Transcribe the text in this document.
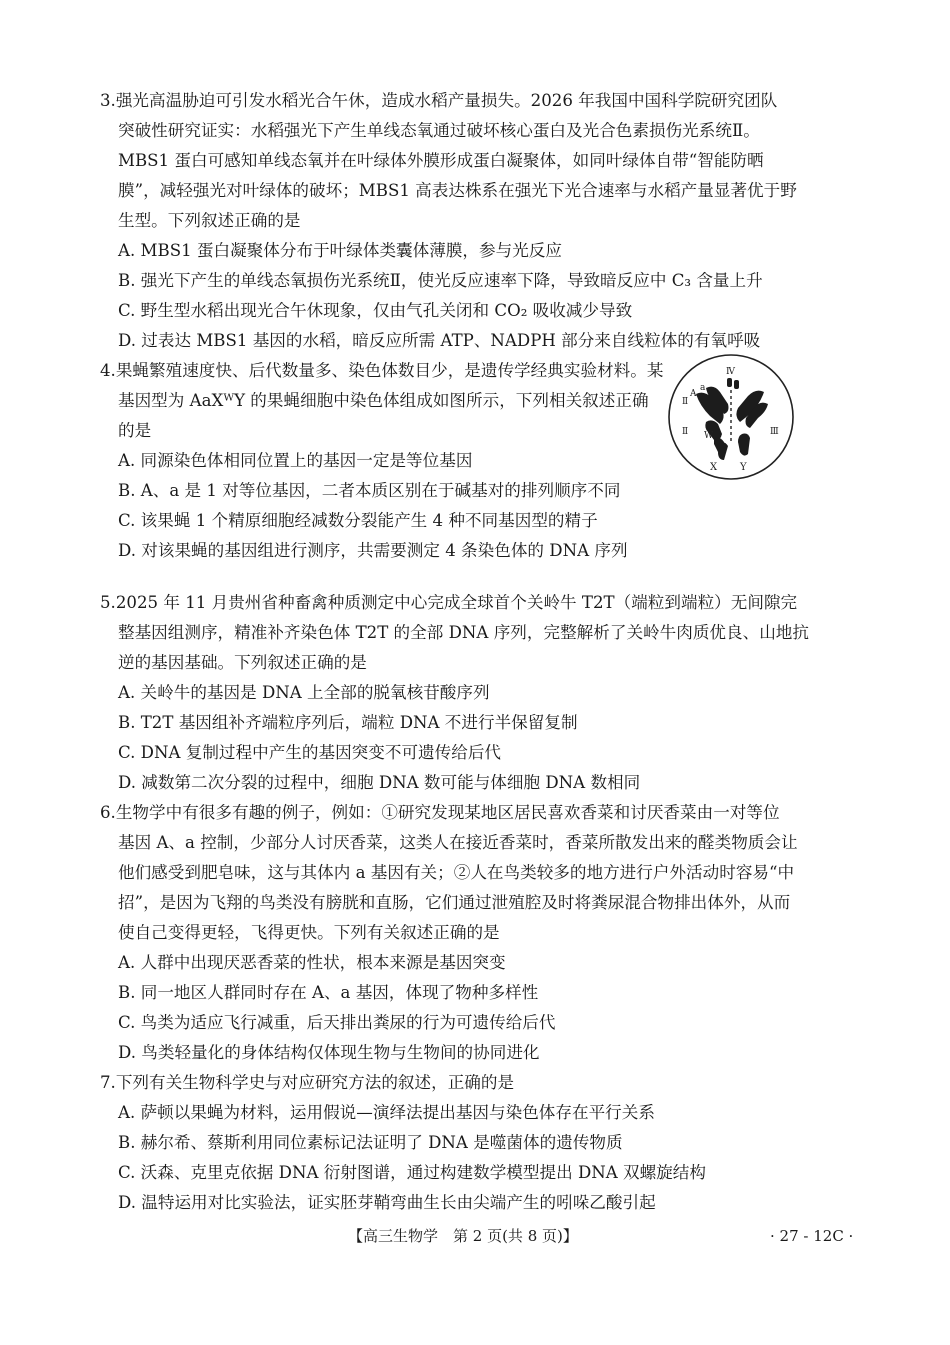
3.强光高温胁迫可引发水稻光合午休，造成水稻产量损失。2026 年我国中国科学院研究团队
突破性研究证实：水稻强光下产生单线态氧通过破坏核心蛋白及光合色素损伤光系统Ⅱ。
MBS1 蛋白可感知单线态氧并在叶绿体外膜形成蛋白凝聚体，如同叶绿体自带“智能防晒
膜”，减轻强光对叶绿体的破坏；MBS1 高表达株系在强光下光合速率与水稻产量显著优于野
生型。下列叙述正确的是
A. MBS1 蛋白凝聚体分布于叶绿体类囊体薄膜，参与光反应
B. 强光下产生的单线态氧损伤光系统Ⅱ，使光反应速率下降，导致暗反应中 C₃ 含量上升
C. 野生型水稻出现光合午休现象，仅由气孔关闭和 CO₂ 吸收减少导致
D. 过表达 MBS1 基因的水稻，暗反应所需 ATP、NADPH 部分来自线粒体的有氧呼吸
4.果蝇繁殖速度快、后代数量多、染色体数目少，是遗传学经典实验材料。某
基因型为 AaXᵂY 的果蝇细胞中染色体组成如图所示，下列相关叙述正确
的是
A. 同源染色体相同位置上的基因一定是等位基因
B. A、a 是 1 对等位基因，二者本质区别在于碱基对的排列顺序不同
C. 该果蝇 1 个精原细胞经减数分裂能产生 4 种不同基因型的精子
D. 对该果蝇的基因组进行测序，共需要测定 4 条染色体的 DNA 序列
Ⅱ
Ⅱ	Ⅲ
Ⅳ
A
a
W
X Y
5.2025 年 11 月贵州省种畜禽种质测定中心完成全球首个关岭牛 T2T（端粒到端粒）无间隙完
整基因组测序，精准补齐染色体 T2T 的全部 DNA 序列，完整解析了关岭牛肉质优良、山地抗
逆的基因基础。下列叙述正确的是
A. 关岭牛的基因是 DNA 上全部的脱氧核苷酸序列
B. T2T 基因组补齐端粒序列后，端粒 DNA 不进行半保留复制
C. DNA 复制过程中产生的基因突变不可遗传给后代
D. 减数第二次分裂的过程中，细胞 DNA 数可能与体细胞 DNA 数相同
6.生物学中有很多有趣的例子，例如：①研究发现某地区居民喜欢香菜和讨厌香菜由一对等位
基因 A、a 控制，少部分人讨厌香菜，这类人在接近香菜时，香菜所散发出来的醛类物质会让
他们感受到肥皂味，这与其体内 a 基因有关；②人在鸟类较多的地方进行户外活动时容易“中
招”，是因为飞翔的鸟类没有膀胱和直肠，它们通过泄殖腔及时将粪尿混合物排出体外，从而
使自己变得更轻，飞得更快。下列有关叙述正确的是
A. 人群中出现厌恶香菜的性状，根本来源是基因突变
B. 同一地区人群同时存在 A、a 基因，体现了物种多样性
C. 鸟类为适应飞行减重，后天排出粪尿的行为可遗传给后代
D. 鸟类轻量化的身体结构仅体现生物与生物间的协同进化
7.下列有关生物科学史与对应研究方法的叙述，正确的是
A. 萨顿以果蝇为材料，运用假说—演绎法提出基因与染色体存在平行关系
B. 赫尔希、蔡斯利用同位素标记法证明了 DNA 是噬菌体的遗传物质
C. 沃森、克里克依据 DNA 衍射图谱，通过构建数学模型提出 DNA 双螺旋结构
D. 温特运用对比实验法，证实胚芽鞘弯曲生长由尖端产生的吲哚乙酸引起
【高三生物学　第 2 页(共 8 页)】	· 27 - 12C ·
